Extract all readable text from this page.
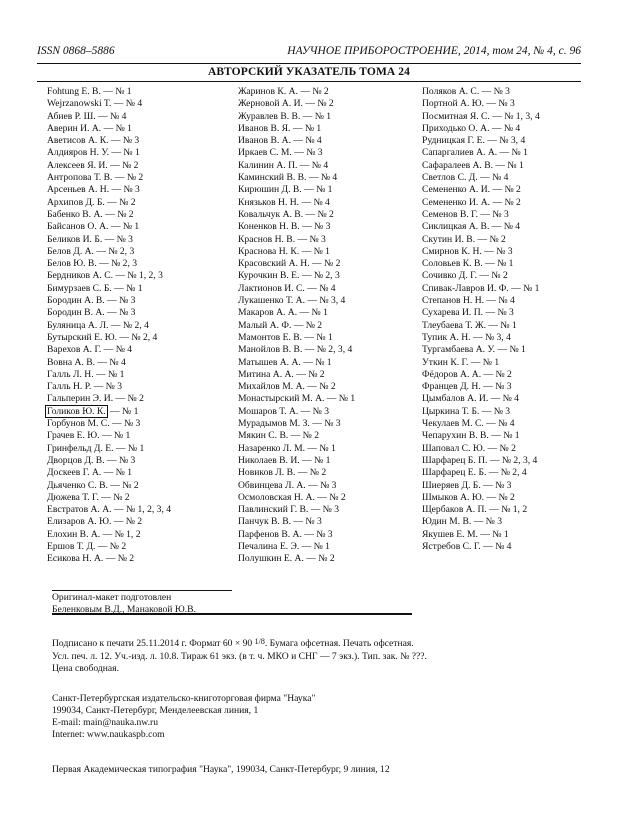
ISSN 0868–5886	НАУЧНОЕ ПРИБОРОСТРОЕНИЕ, 2014, том 24, № 4, с. 96
АВТОРСКИЙ УКАЗАТЕЛЬ ТОМА 24
Fohtung E. B. — № 1
Wejrzanowski T. — № 4
Абиев Р. Ш. — № 4
Аверин И. А. — № 1
Аветисов А. К. — № 3
Алдияров Н. У. — № 1
Алексеев Я. И. — № 2
Антропова Т. В. — № 2
Арсеньев А. Н. — № 3
Архипов Д. Б. — № 2
Бабенко В. А. — № 2
Байсанов О. А. — № 1
Беликов И. Б. — № 3
Белов Д. А. — № 2, 3
Белов Ю. В. — № 2, 3
Бердников А. С. — № 1, 2, 3
Бимурзаев С. Б. — № 1
Бородин А. В. — № 3
Бородин В. А. — № 3
Буляница А. Л. — № 2, 4
Бутырский Е. Ю. — № 2, 4
Варехов А. Г. — № 4
Вовна А. В. — № 4
Галль Л. Н. — № 1
Галль Н. Р. — № 3
Гальперин Э. И. — № 2
Голиков Ю. К. — № 1
Горбунов М. С. — № 3
Грачев Е. Ю. — № 1
Гринфельд Д. Е. — № 1
Дворцов Д. В. — № 3
Доскеев Г. А. — № 1
Дьяченко С. В. — № 2
Дюжева Т. Г. — № 2
Евстратов А. А. — № 1, 2, 3, 4
Елизаров А. Ю. — № 2
Елохин В. А. — № 1, 2
Ершов Т. Д. — № 2
Есикова Н. А. — № 2
Жаринов К. А. — № 2
Жерновой А. И. — № 2
Журавлев В. В. — № 1
Иванов В. Я. — № 1
Иванов В. А. — № 4
Иркаев С. М. — № 3
Калинин А. П. — № 4
Каминский В. В. — № 4
Кирюшин Д. В. — № 1
Князьков Н. Н. — № 4
Ковальчук А. В. — № 2
Коненков Н. В. — № 3
Краснов Н. В. — № 3
Краснова Н. К. — № 1
Красовский А. Н. — № 2
Курочкин В. Е. — № 2, 3
Лактионов И. С. — № 4
Лукашенко Т. А. — № 3, 4
Макаров А. А. — № 1
Малый А. Ф. — № 2
Мамонтов Е. В. — № 1
Манойлов В. В. — № 2, 3, 4
Матышев А. А. — № 1
Митина А. А. — № 2
Михайлов М. А. — № 2
Монастырский М. А. — № 1
Мошаров Т. А. — № 3
Мурадымов М. З. — № 3
Мякин С. В. — № 2
Назаренко Л. М. — № 1
Николаев В. И. — № 1
Новиков Л. В. — № 2
Обвинцева Л. А. — № 3
Осмоловская Н. А. — № 2
Павлинский Г. В. — № 3
Панчук В. В. — № 3
Парфенов В. А. — № 3
Печалина Е. Э. — № 1
Полушкин Е. А. — № 2
Поляков А. С. — № 3
Портной А. Ю. — № 3
Посмитная Я. С. — № 1, 3, 4
Приходько О. А. — № 4
Рудницкая Г. Е. — № 3, 4
Сапаргалиев А. А. — № 1
Сафаралеев А. В. — № 1
Светлов С. Д. — № 4
Семененко А. И. — № 2
Семененко И. А. — № 2
Семенов В. Г. — № 3
Сиклицкая А. В. — № 4
Скутин И. В. — № 2
Смирнов К. Н. — № 3
Соловьев К. В. — № 1
Сочивко Д. Г. — № 2
Спивак-Лавров И. Ф. — № 1
Степанов Н. Н. — № 4
Сухарева И. П. — № 3
Тлеубаева Т. Ж. — № 1
Тупик А. Н. — № 3, 4
Тургамбаева А. У. — № 1
Уткин К. Г. — № 1
Фёдоров А. А. — № 2
Францев Д. Н. — № 3
Цымбалов А. И. — № 4
Цыркина Т. Б. — № 3
Чекулаев М. С. — № 4
Чепарухин В. В. — № 1
Шаповал С. Ю. — № 2
Шарфарец Б. П. — № 2, 3, 4
Шарфарец Е. Б. — № 2, 4
Шиеряев Д. Б. — № 3
Шмыков А. Ю. — № 2
Щербаков А. П. — № 1, 2
Юдин М. В. — № 3
Якушев Е. М. — № 1
Ястребов С. Г. — № 4
Оригинал-макет подготовлен
Беленковым В.Д., Манаковой Ю.В.
Подписано к печати 25.11.2014 г. Формат 60 × 90 $^{1/8}$. Бумага офсетная. Печать офсетная.
Усл. печ. л. 12. Уч.-изд. л. 10.8. Тираж 61 экз. (в т. ч. МКО и СНГ — 7 экз.). Тип. зак. № ???.
Цена свободная.
Санкт-Петербургская издательско-книготорговая фирма "Наука"
199034, Санкт-Петербург, Менделеевская линия, 1
E-mail: main@nauka.nw.ru
Internet: www.naukaspb.com
Первая Академическая типография "Наука", 199034, Санкт-Петербург, 9 линия, 12
